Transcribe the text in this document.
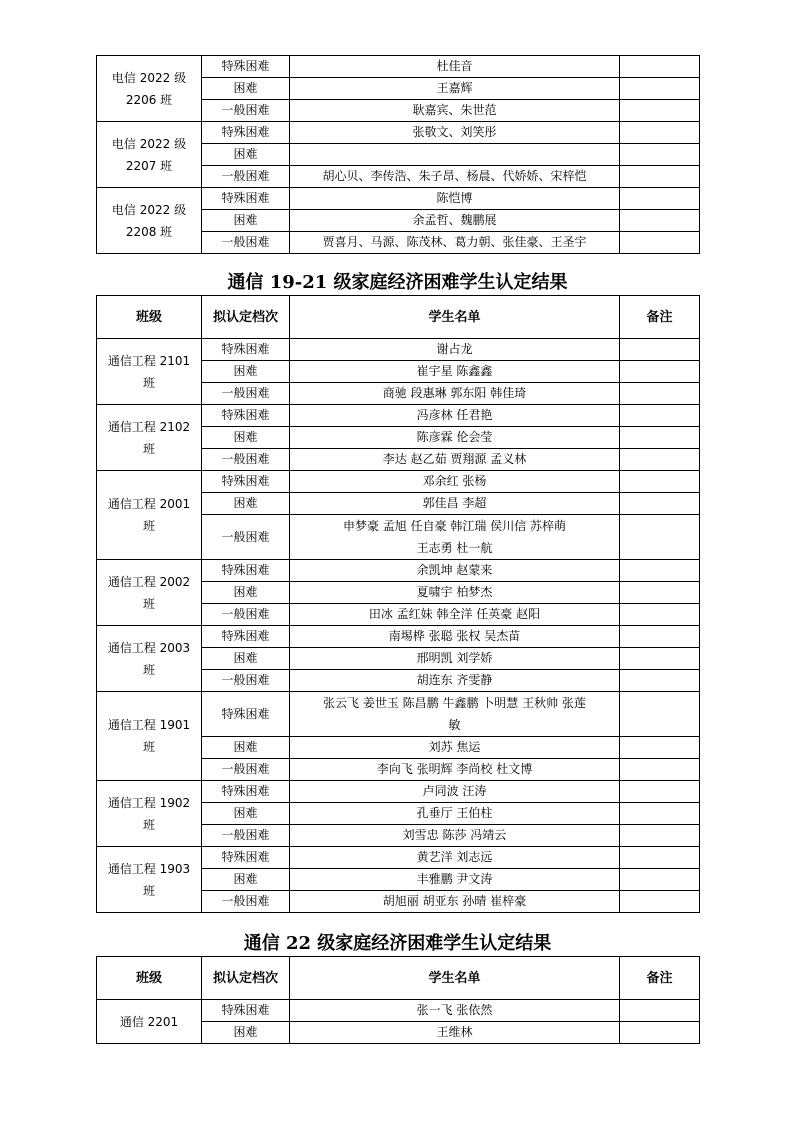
电信 2022 级
2206 班	特殊困难	杜佳音	
	困难	王嘉辉	
	一般困难	耿嘉宾、朱世范	
电信 2022 级
2207 班	特殊困难	张敬文、刘笑彤	
	困难		
	一般困难	胡心贝、李传浩、朱子昂、杨晨、代娇娇、宋梓恺	
电信 2022 级
2208 班	特殊困难	陈恺博	
	困难	余孟哲、魏鹏展	
	一般困难	贾喜月、马源、陈茂林、葛力朝、张佳豪、王圣宇	
通信 19-21 级家庭经济困难学生认定结果
班级	拟认定档次	学生名单	备注
通信工程 2101
班	特殊困难	谢占龙	
	困难	崔宇星 陈鑫鑫	
	一般困难	商驰 段惠琳 郭东阳 韩佳琦	
通信工程 2102
班	特殊困难	冯彦林 任君艳	
	困难	陈彦霖 伦会莹	
	一般困难	李达 赵乙茹 贾翔源 孟义林	
通信工程 2001
班	特殊困难	邓余红 张杨	
	困难	郭佳昌 李超	
	一般困难	申梦豪 孟旭 任自豪 韩江瑞 侯川信 苏梓萌
王志勇 杜一航	
通信工程 2002
班	特殊困难	余凯坤 赵蒙来	
	困难	夏啸宇 柏梦杰	
	一般困难	田冰 孟红妹 韩全洋 任英豪 赵阳	
通信工程 2003
班	特殊困难	南埸桦 张聪 张权 吴杰苗	
	困难	邢明凯 刘学娇	
	一般困难	胡连东 齐雯静	
通信工程 1901
班	特殊困难	张云飞 姜世玉 陈昌鹏 牛鑫鹏 卜明慧 王秋帅 张莲
敏	
	困难	刘苏 焦运	
	一般困难	李向飞 张明辉 李尚校 杜文博	
通信工程 1902
班	特殊困难	卢同波 汪涛	
	困难	孔垂厅 王伯柱	
	一般困难	刘雪忠 陈莎 冯靖云	
通信工程 1903
班	特殊困难	黄艺洋 刘志远	
	困难	丰雅鹏 尹文涛	
	一般困难	胡旭丽 胡亚东 孙晴 崔梓豪	
通信 22 级家庭经济困难学生认定结果
班级	拟认定档次	学生名单	备注
通信 2201	特殊困难	张一飞 张依然	
	困难	王维林	
